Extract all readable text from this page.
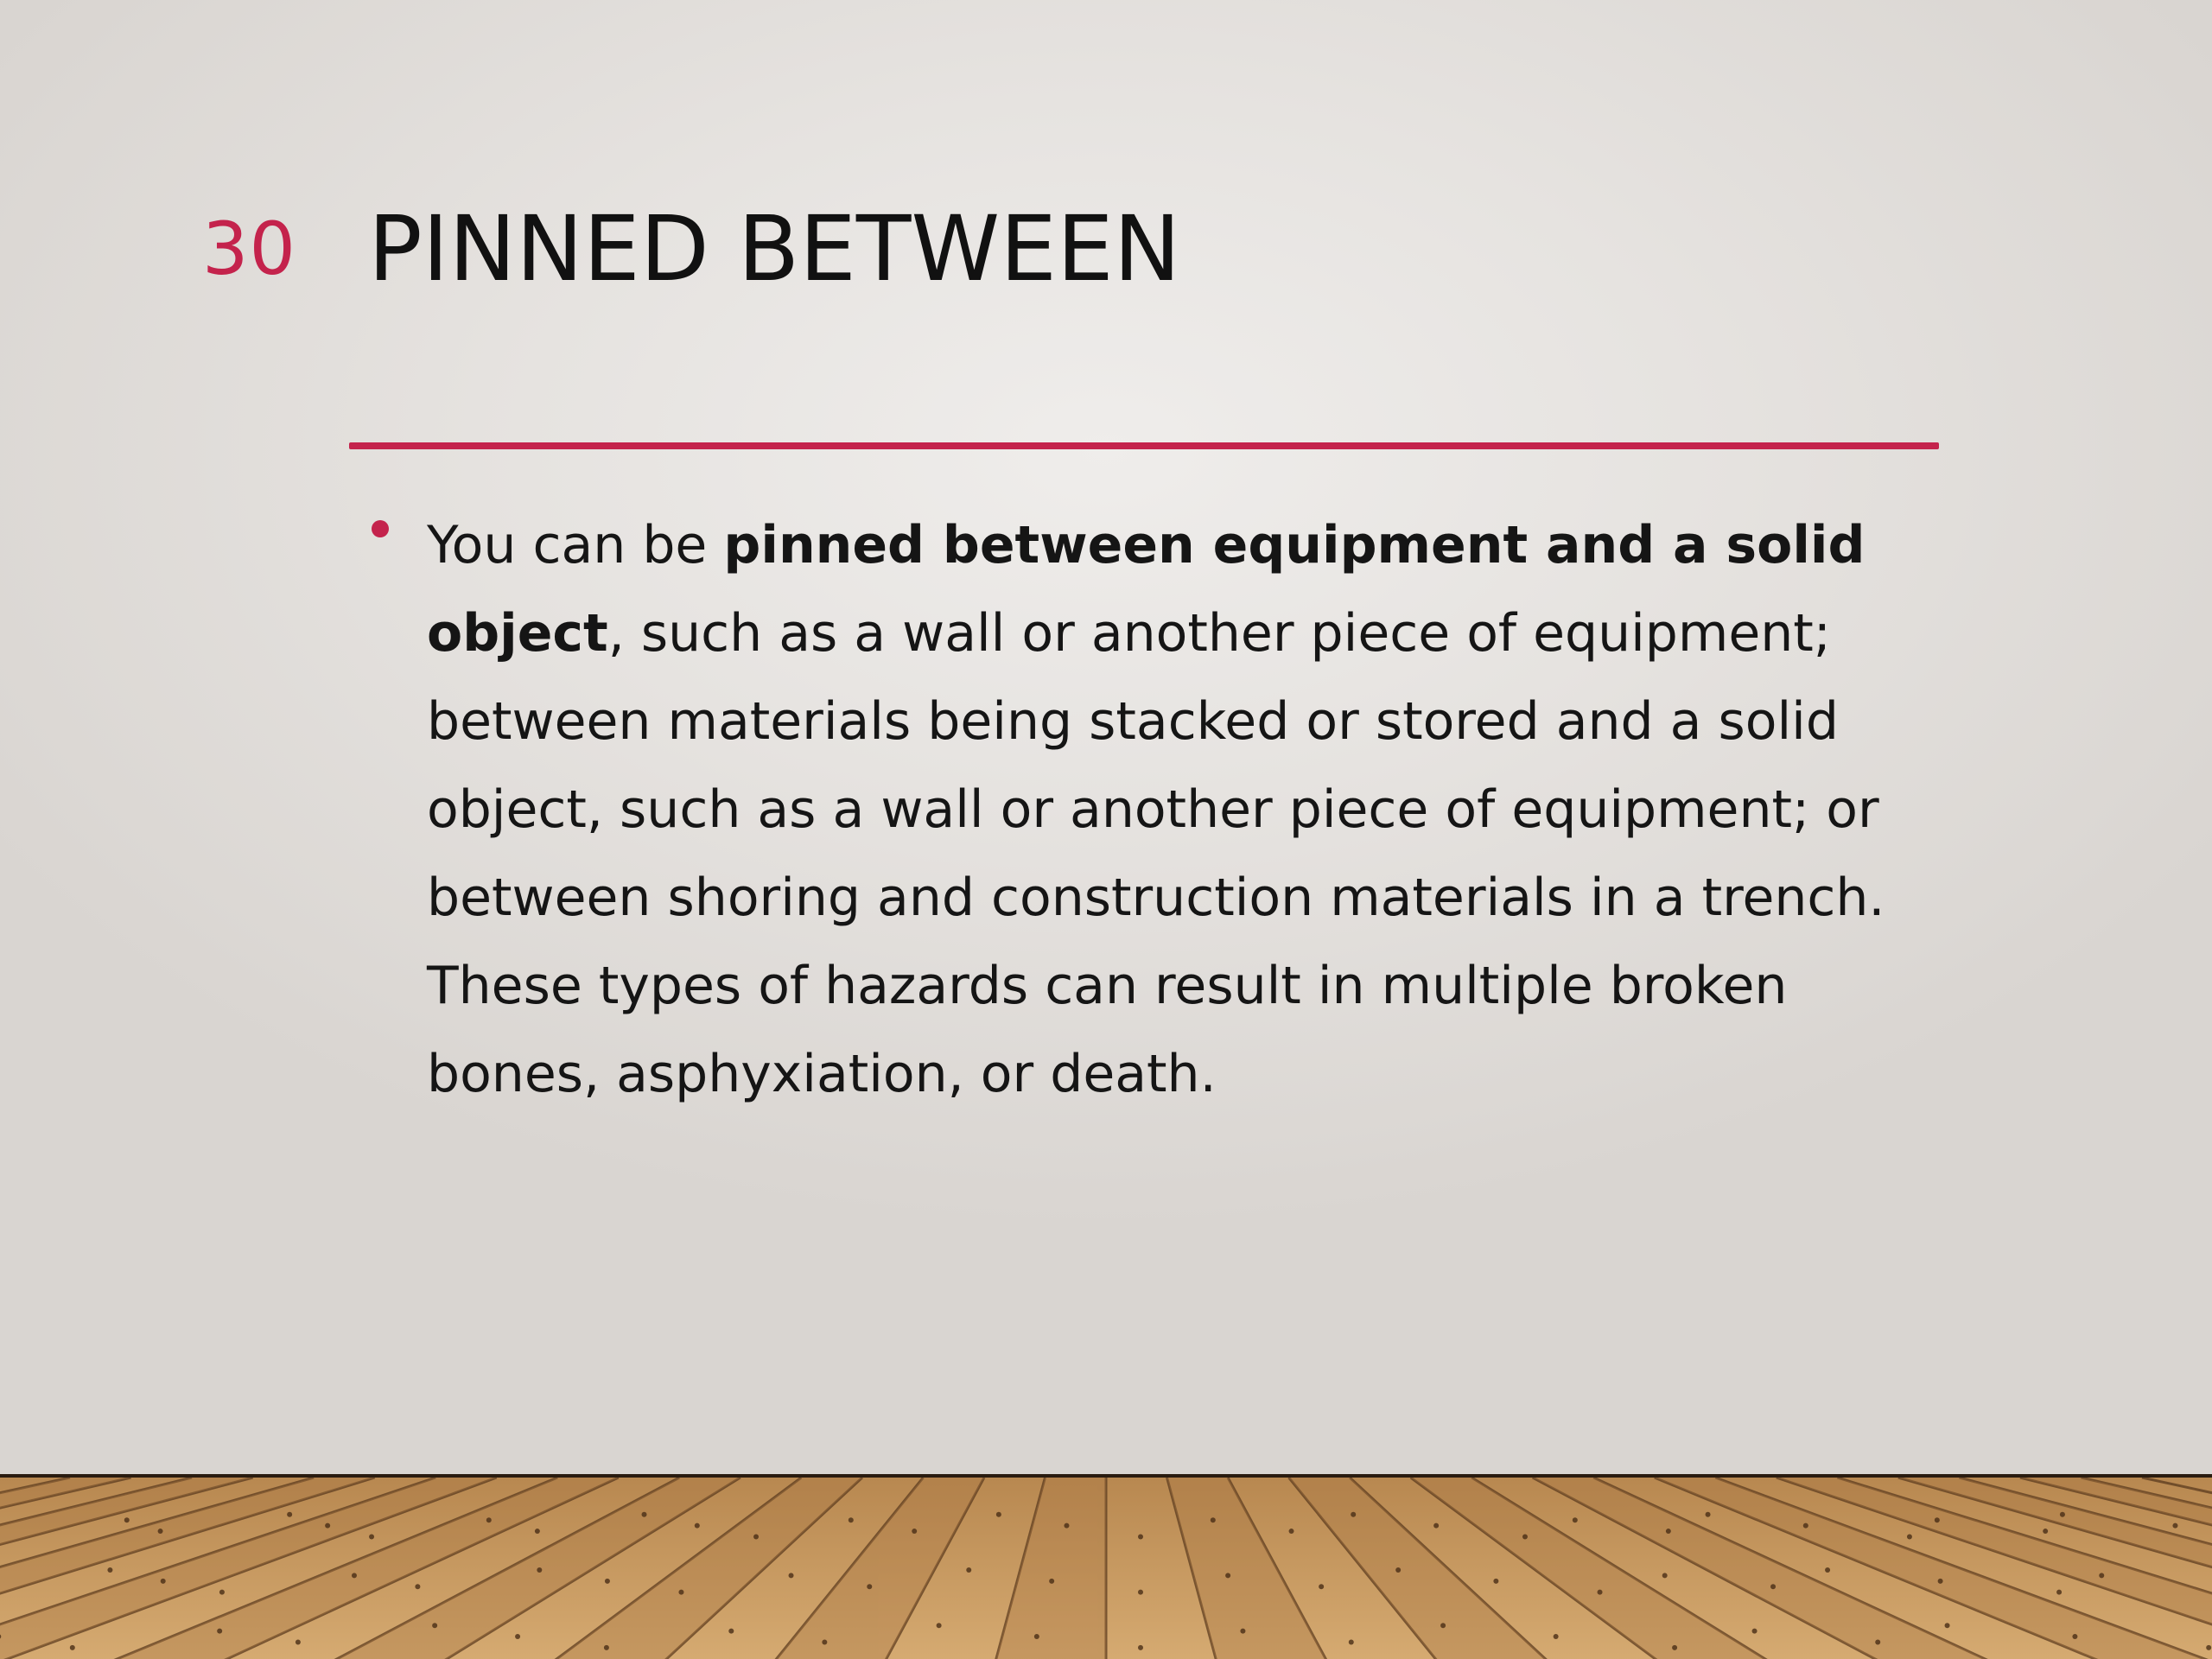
30 PINNED BETWEEN
You can be pinned between equipment and a solid object, such as a wall or another piece of equipment; between materials being stacked or stored and a solid object, such as a wall or another piece of equipment; or between shoring and construction materials in a trench. These types of hazards can result in multiple broken bones, asphyxiation, or death.
